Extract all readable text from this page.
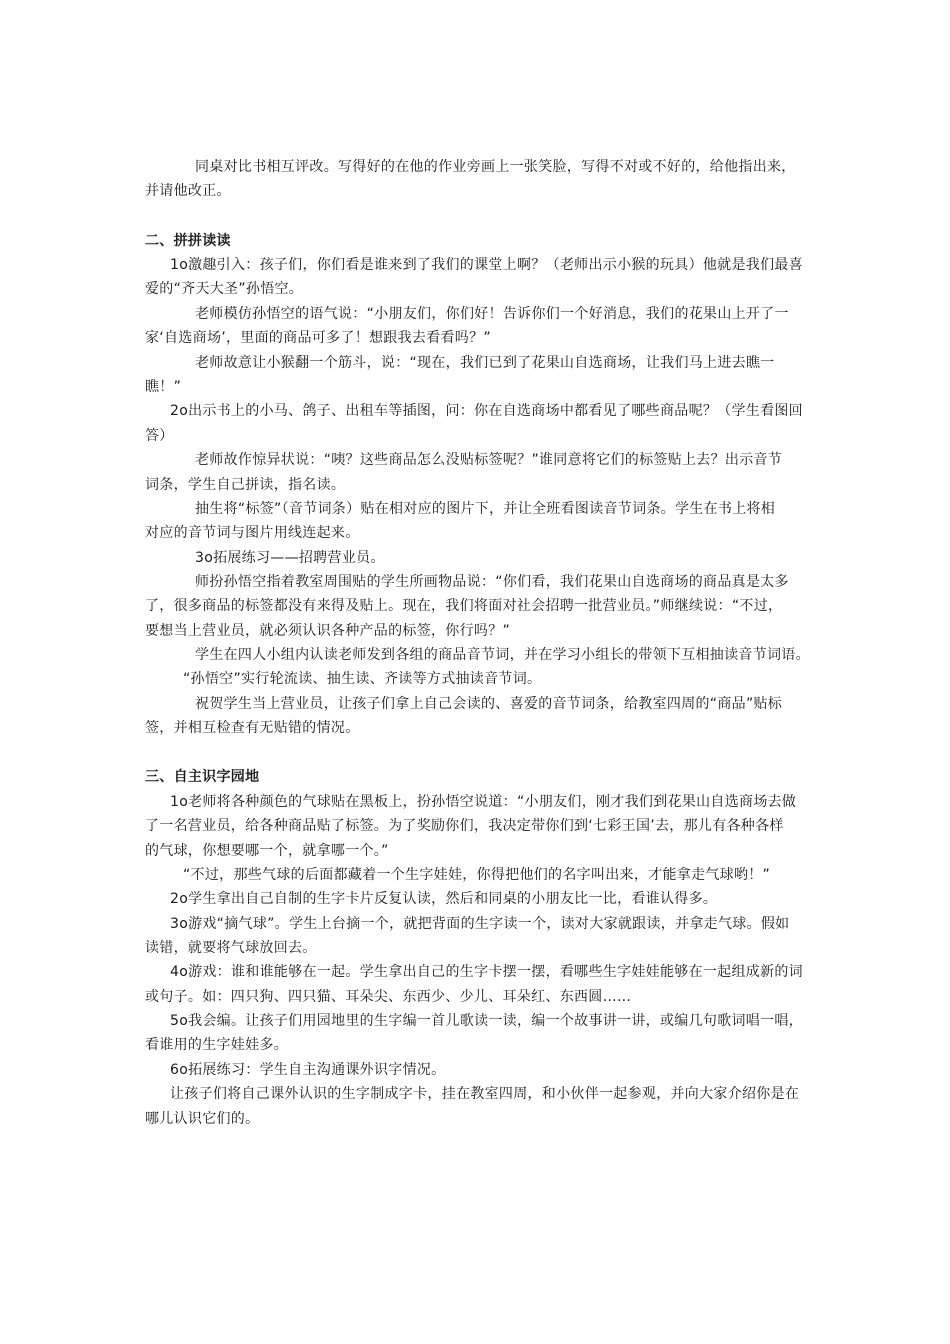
同桌对比书相互评改。写得好的在他的作业旁画上一张笑脸，写得不对或不好的，给他指出来，
并请他改正。
二、拼拼读读
1o激趣引入：孩子们，你们看是谁来到了我们的课堂上啊？（老师出示小猴的玩具）他就是我们最喜
爱的“齐天大圣”孙悟空。
老师模仿孙悟空的语气说：“小朋友们，你们好！告诉你们一个好消息，我们的花果山上开了一
家‘自选商场’，里面的商品可多了！想跟我去看看吗？”
老师故意让小猴翻一个筋斗，说：“现在，我们已到了花果山自选商场，让我们马上进去瞧一
瞧！”
2o出示书上的小马、鸽子、出租车等插图，问：你在自选商场中都看见了哪些商品呢？（学生看图回
答）
老师故作惊异状说：“咦？这些商品怎么没贴标签呢？”谁同意将它们的标签贴上去？出示音节
词条，学生自己拼读，指名读。
抽生将“标签”（音节词条）贴在相对应的图片下，并让全班看图读音节词条。学生在书上将相
对应的音节词与图片用线连起来。
3o拓展练习——招聘营业员。
师扮孙悟空指着教室周围贴的学生所画物品说：“你们看，我们花果山自选商场的商品真是太多
了，很多商品的标签都没有来得及贴上。现在，我们将面对社会招聘一批营业员。”师继续说：“不过，
要想当上营业员，就必须认识各种产品的标签，你行吗？”
学生在四人小组内认读老师发到各组的商品音节词，并在学习小组长的带领下互相抽读音节词语。
“孙悟空”实行轮流读、抽生读、齐读等方式抽读音节词。
祝贺学生当上营业员，让孩子们拿上自己会读的、喜爱的音节词条，给教室四周的“商品”贴标
签，并相互检查有无贴错的情况。
三、自主识字园地
1o老师将各种颜色的气球贴在黑板上，扮孙悟空说道：“小朋友们，刚才我们到花果山自选商场去做
了一名营业员，给各种商品贴了标签。为了奖励你们，我决定带你们到‘七彩王国’去，那儿有各种各样
的气球，你想要哪一个，就拿哪一个。”
“不过，那些气球的后面都藏着一个生字娃娃，你得把他们的名字叫出来，才能拿走气球哟！”
2o学生拿出自己自制的生字卡片反复认读，然后和同桌的小朋友比一比，看谁认得多。
3o游戏“摘气球”。学生上台摘一个，就把背面的生字读一个，读对大家就跟读，并拿走气球。假如
读错，就要将气球放回去。
4o游戏：谁和谁能够在一起。学生拿出自己的生字卡摆一摆，看哪些生字娃娃能够在一起组成新的词
或句子。如：四只狗、四只猫、耳朵尖、东西少、少儿、耳朵红、东西圆……
5o我会编。让孩子们用园地里的生字编一首儿歌读一读，编一个故事讲一讲，或编几句歌词唱一唱，
看谁用的生字娃娃多。
6o拓展练习：学生自主沟通课外识字情况。
让孩子们将自己课外认识的生字制成字卡，挂在教室四周，和小伙伴一起参观，并向大家介绍你是在
哪儿认识它们的。
